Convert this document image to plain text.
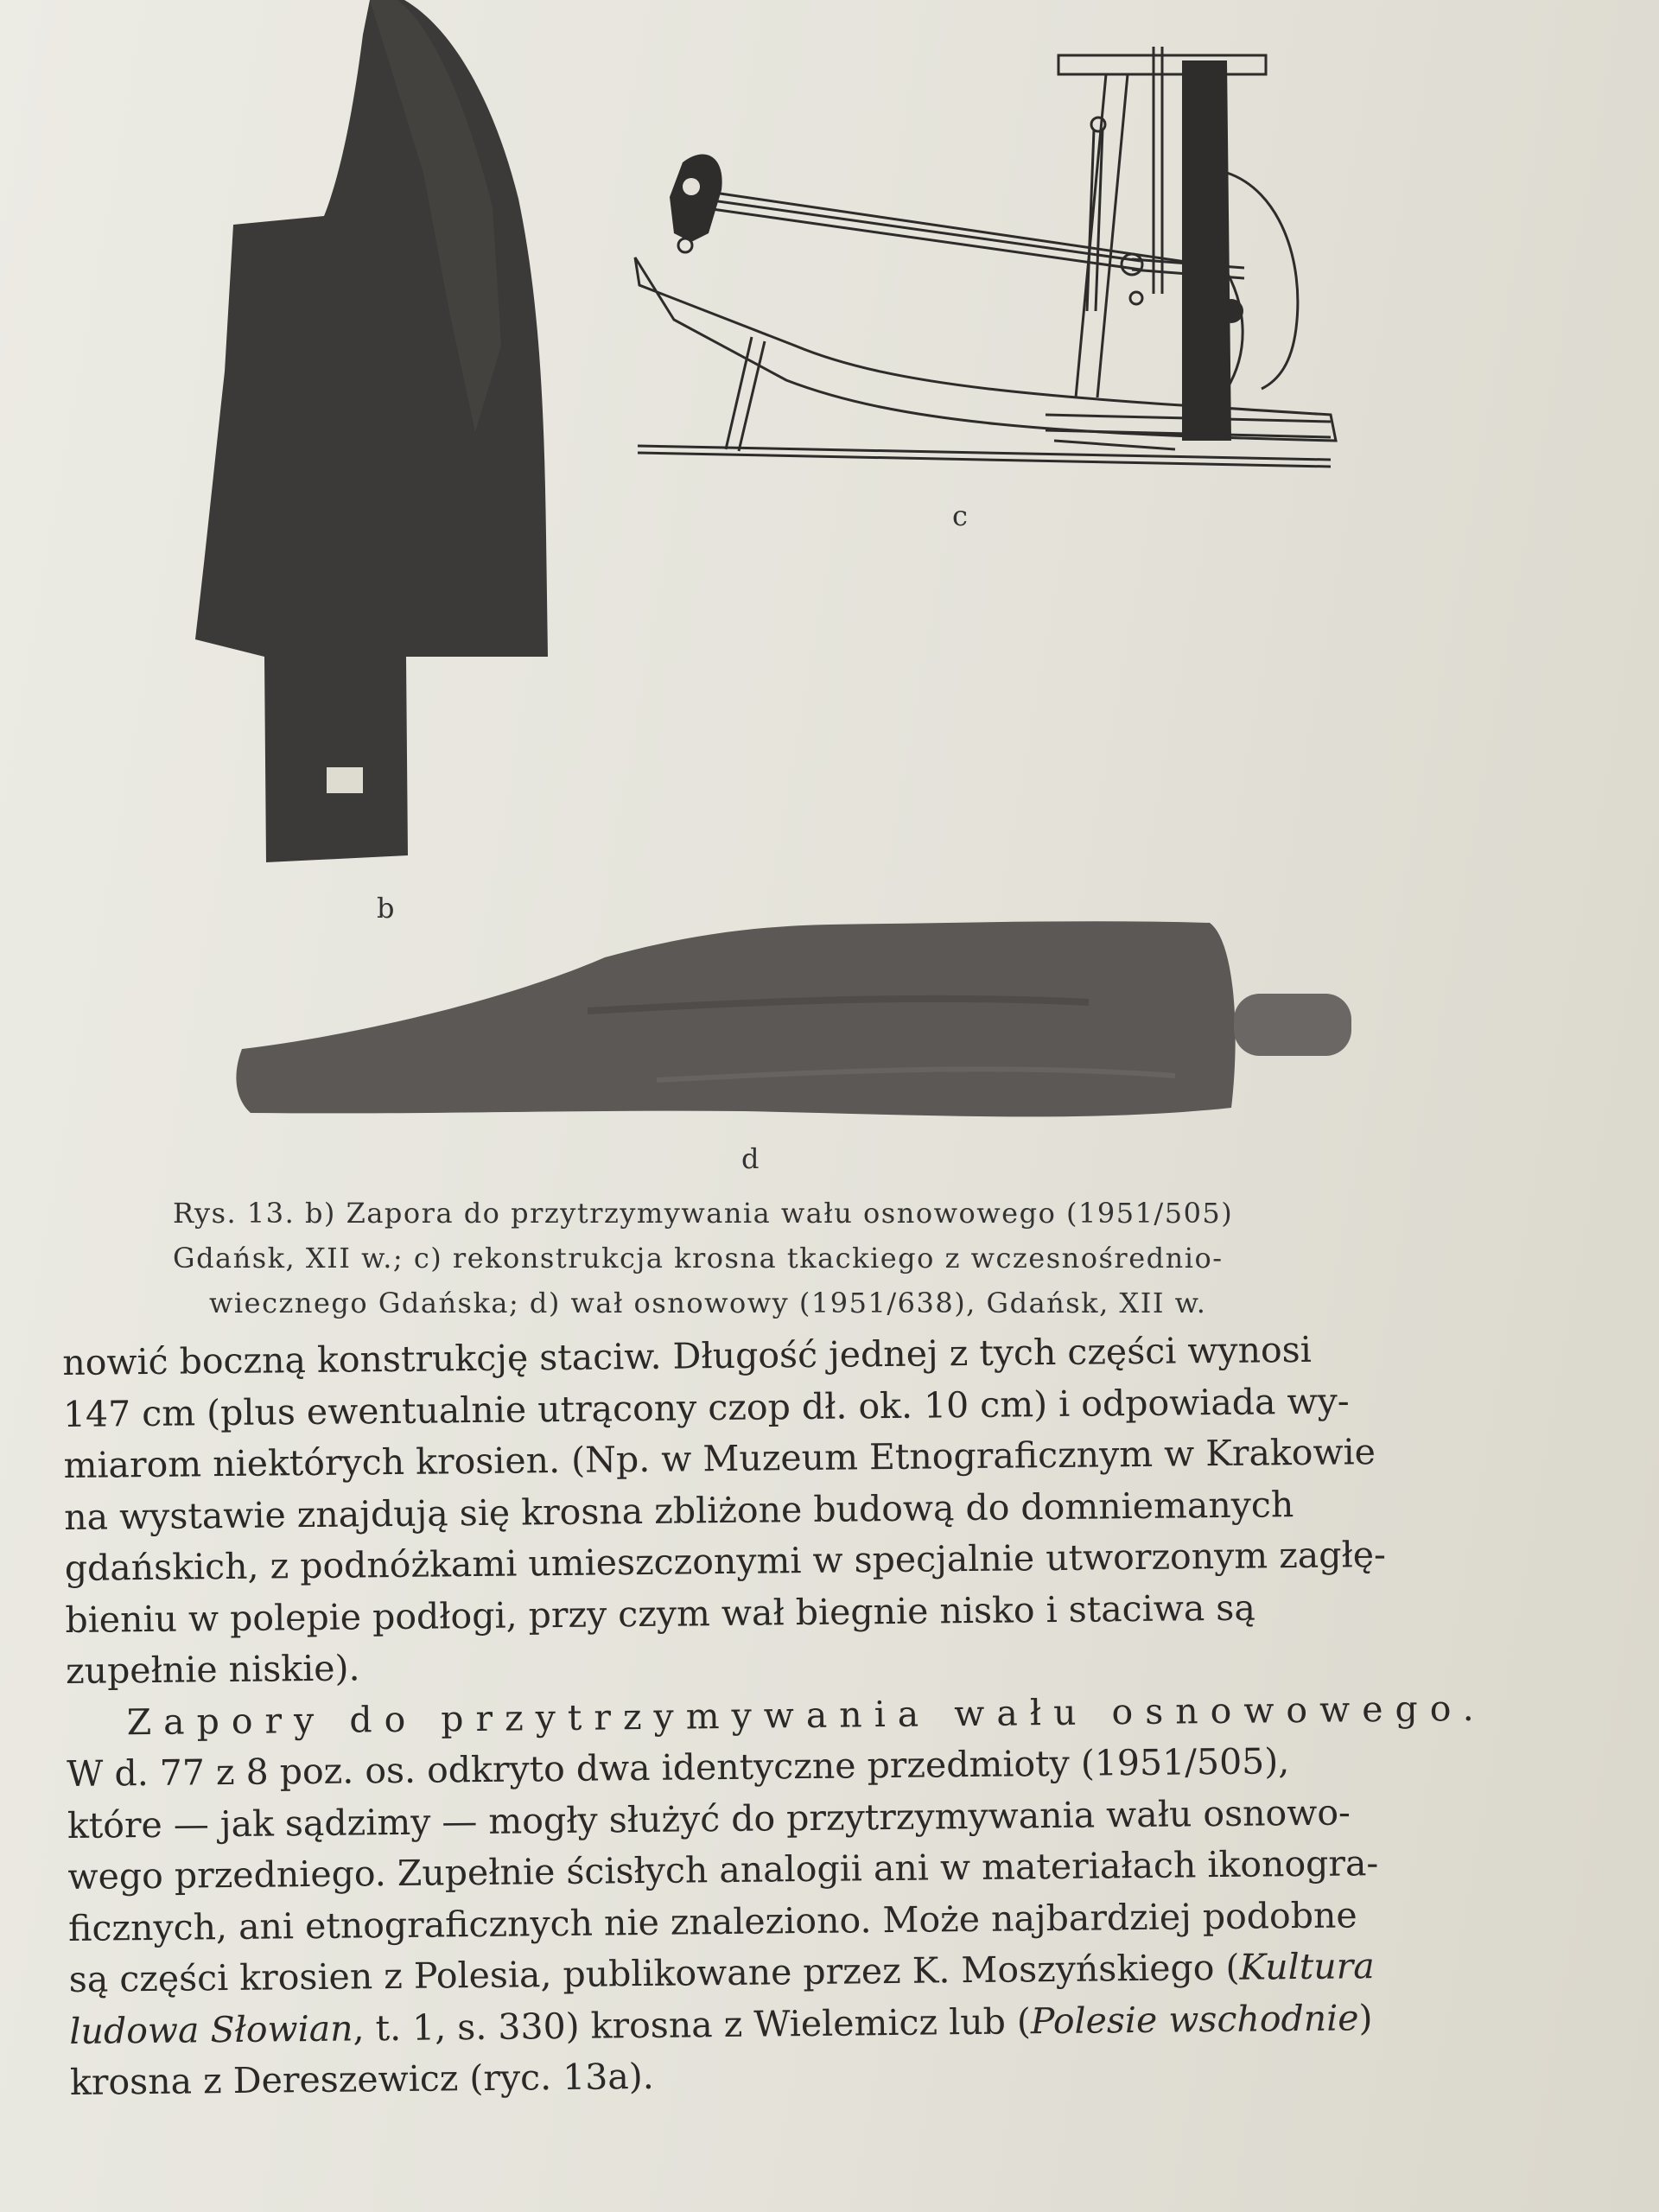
b
c
d
Rys. 13. b) Zapora do przytrzymywania wału osnowowego (1951/505)
Gdańsk, XII w.; c) rekonstrukcja krosna tkackiego z wczesnośrednio-
wiecznego Gdańska; d) wał osnowowy (1951/638), Gdańsk, XII w.
nowić boczną konstrukcję staciw. Długość jednej z tych części wynosi
147 cm (plus ewentualnie utrącony czop dł. ok. 10 cm) i odpowiada wy-
miarom niektórych krosien. (Np. w Muzeum Etnograficznym w Krakowie
na wystawie znajdują się krosna zbliżone budową do domniemanych
gdańskich, z podnóżkami umieszczonymi w specjalnie utworzonym zagłę-
bieniu w polepie podłogi, przy czym wał biegnie nisko i staciwa są
zupełnie niskie).
Zapory do przytrzymywania wału osnowowego.
W d. 77 z 8 poz. os. odkryto dwa identyczne przedmioty (1951/505),
które — jak sądzimy — mogły służyć do przytrzymywania wału osnowo-
wego przedniego. Zupełnie ścisłych analogii ani w materiałach ikonogra-
ficznych, ani etnograficznych nie znaleziono. Może najbardziej podobne
są części krosien z Polesia, publikowane przez K. Moszyńskiego (Kultura
ludowa Słowian, t. 1, s. 330) krosna z Wielemicz lub (Polesie wschodnie)
krosna z Dereszewicz (ryc. 13a).
